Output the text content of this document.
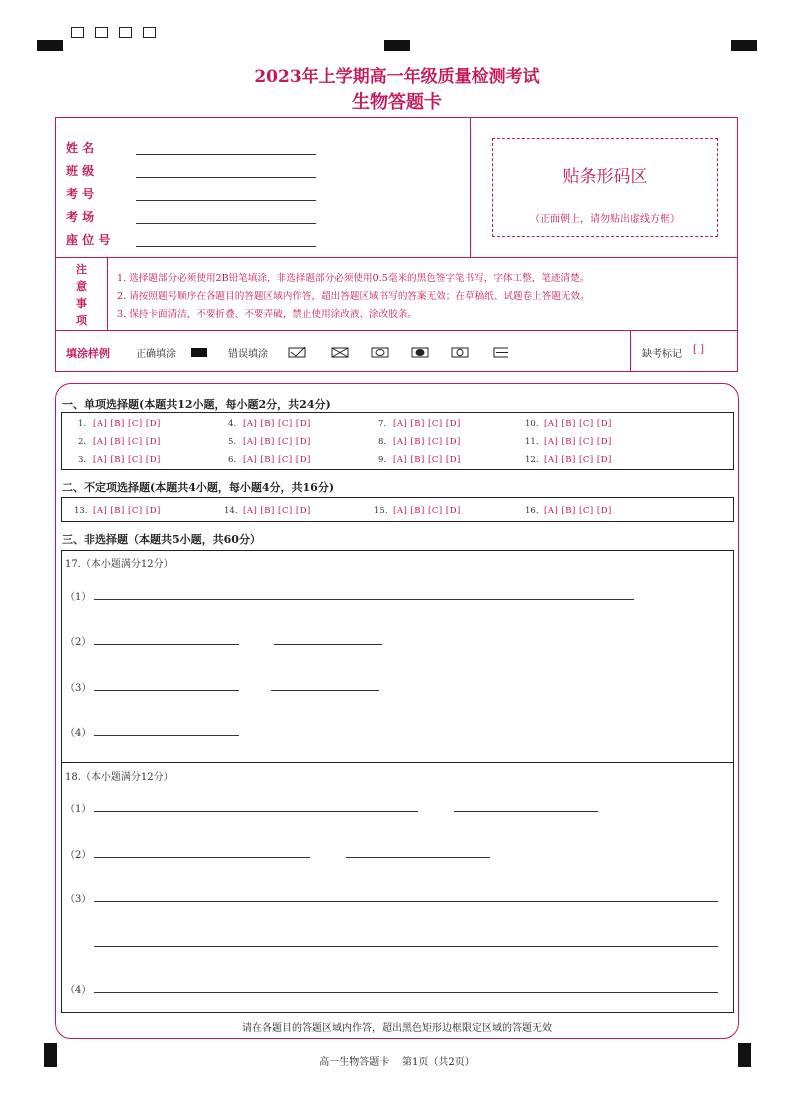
2023年上学期高一年级质量检测考试
生物答题卡
姓 名
班 级
考 号
考 场
座 位 号
贴条形码区
（正面朝上，请勿贴出虚线方框）
注
意
事
项
1. 选择题部分必须使用2B铅笔填涂，非选择题部分必须使用0.5毫米的黑色签字笔书写，字体工整，笔迹清楚。
2. 请按照题号顺序在各题目的答题区域内作答，超出答题区域书写的答案无效；在草稿纸、试题卷上答题无效。
3. 保持卡面清洁，不要折叠、不要弄破，禁止使用涂改液、涂改胶条。
填涂样例	正确填涂	错误填涂	缺考标记 [ ]
一、单项选择题(本题共12小题，每小题2分，共24分)
1. [A] [B] [C] [D]	4. [A] [B] [C] [D]	7. [A] [B] [C] [D]	10. [A] [B] [C] [D]
2. [A] [B] [C] [D]	5. [A] [B] [C] [D]	8. [A] [B] [C] [D]	11. [A] [B] [C] [D]
3. [A] [B] [C] [D]	6. [A] [B] [C] [D]	9. [A] [B] [C] [D]	12. [A] [B] [C] [D]
二、不定项选择题(本题共4小题，每小题4分，共16分)
13. [A] [B] [C] [D]	14. [A] [B] [C] [D]	15. [A] [B] [C] [D]	16. [A] [B] [C] [D]
三、非选择题（本题共5小题，共60分）
17.（本小题满分12分）
（1）
（2）
（3）
（4）
18.（本小题满分12分）
（1）
（2）
（3）
（4）
请在各题目的答题区域内作答，超出黑色矩形边框限定区域的答题无效
高一生物答题卡    第1页（共2页）
